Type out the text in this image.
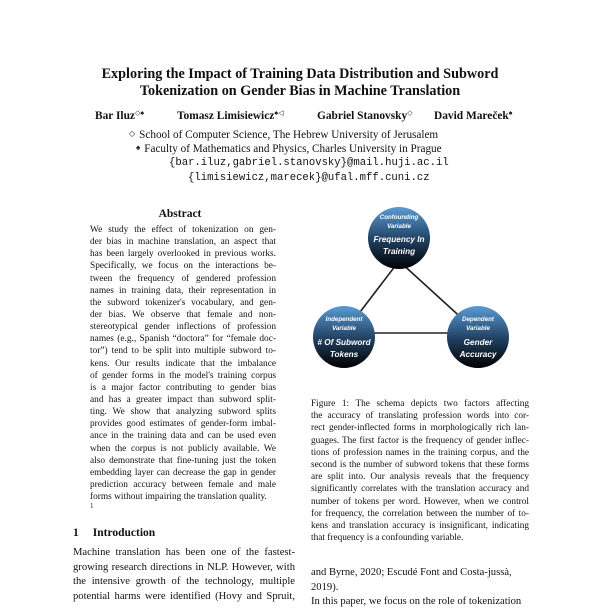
Exploring the Impact of Training Data Distribution and Subword
Tokenization on Gender Bias in Machine Translation
Bar Iluz◇♠	Tomasz Limisiewicz♠◁	Gabriel Stanovsky◇ David Mareček♠
◇ School of Computer Science, The Hebrew University of Jerusalem
♠ Faculty of Mathematics and Physics, Charles University in Prague
{bar.iluz,gabriel.stanovsky}@mail.huji.ac.il
{limisiewicz,marecek}@ufal.mff.cuni.cz
Abstract
We study the effect of tokenization on gen-
der bias in machine translation, an aspect that
has been largely overlooked in previous works.
Specifically, we focus on the interactions be-
tween the frequency of gendered profession
names in training data, their representation in
the subword tokenizer's vocabulary, and gen-
der bias. We observe that female and non-
stereotypical gender inflections of profession
names (e.g., Spanish “doctora” for “female doc-
tor”) tend to be split into multiple subword to-
kens. Our results indicate that the imbalance
of gender forms in the model's training corpus
is a major factor contributing to gender bias
and has a greater impact than subword split-
ting. We show that analyzing subword splits
provides good estimates of gender-form imbal-
ance in the training data and can be used even
when the corpus is not publicly available. We
also demonstrate that fine-tuning just the token
embedding layer can decrease the gap in gender
prediction accuracy between female and male
forms without impairing the translation quality.
1
1 Introduction
Machine translation has been one of the fastest-
growing research directions in NLP. However, with
the intensive growth of the technology, multiple
potential harms were identified (Hovy and Spruit,
Confounding
Variable
Frequency In
Training
Independent
Variable
# Of Subword
Tokens
Dependent
Variable
Gender
Accuracy
Figure 1: The schema depicts two factors affecting
the accuracy of translating profession words into cor-
rect gender-inflected forms in morphologically rich lan-
guages. The first factor is the frequency of gender inflec-
tions of profession names in the training corpus, and the
second is the number of subword tokens that these forms
are split into. Our analysis reveals that the frequency
significantly correlates with the translation accuracy and
number of tokens per word. However, when we control
for frequency, the correlation between the number of to-
kens and translation accuracy is insignificant, indicating
that frequency is a confounding variable.
and Byrne, 2020; Escudé Font and Costa-jussà,
2019).
In this paper, we focus on the role of tokenization
